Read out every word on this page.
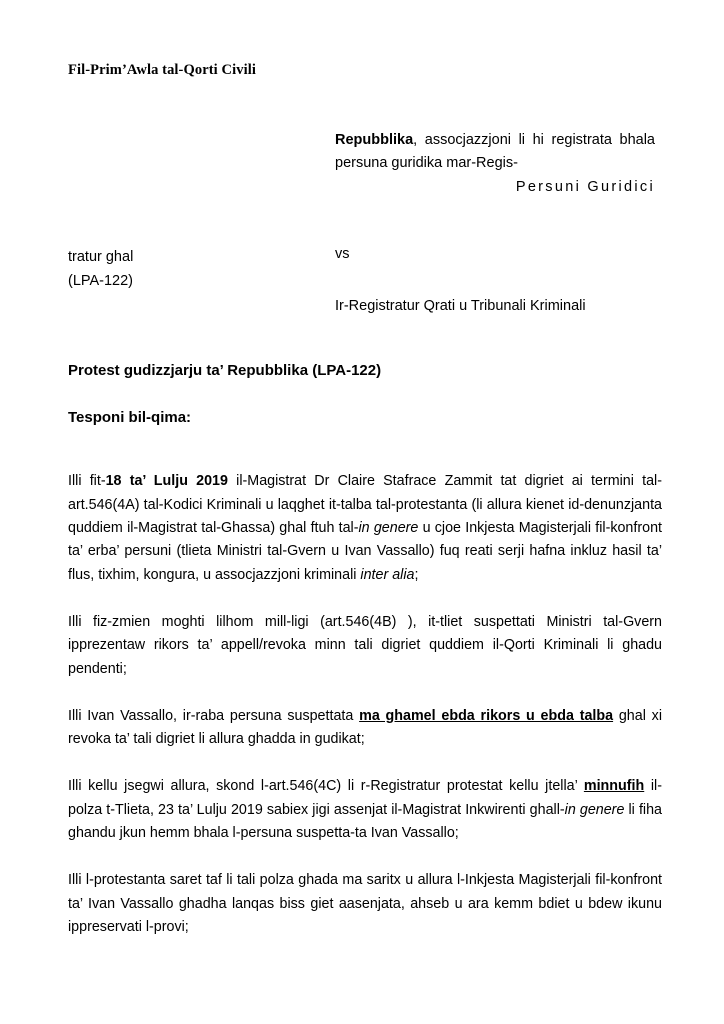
Fil-Prim’Awla tal-Qorti Civili
Repubblika, assocjazzjoni li hi registrata bhala persuna guridika mar-Regis-
Persuni Guridici
tratur ghal
(LPA-122)
vs
Ir-Registratur Qrati u Tribunali Kriminali
Protest gudizzjarju ta’ Repubblika (LPA-122)
Tesponi bil-qima:

Illi fit-18 ta’ Lulju 2019 il-Magistrat Dr Claire Stafrace Zammit tat digriet ai termini tal-art.546(4A) tal-Kodici Kriminali u laqghet it-talba tal-protestanta (li allura kienet id-denunzjanta quddiem il-Magistrat tal-Ghassa) ghal ftuh tal-in genere u cjoe Inkjesta Magisterjali fil-konfront ta’ erba’ persuni (tlieta Ministri tal-Gvern u Ivan Vassallo) fuq reati serji hafna inkluz hasil ta’ flus, tixhim, kongura, u assocjazzjoni kriminali inter alia;

Illi fiz-zmien moghti lilhom mill-ligi (art.546(4B) ), it-tliet suspettati Ministri tal-Gvern ipprezentaw rikors ta’ appell/revoka minn tali digriet quddiem il-Qorti Kriminali li ghadu pendenti;

Illi Ivan Vassallo, ir-raba persuna suspettata ma ghamel ebda rikors u ebda talba ghal xi revoka ta’ tali digriet li allura ghadda in gudikat;

Illi kellu jsegwi allura, skond l-art.546(4C) li r-Registratur protestat kellu jtella’ minnufih il-polza t-Tlieta, 23 ta’ Lulju 2019 sabiex jigi assenjat il-Magistrat Inkwirenti ghall-in genere li fiha ghandu jkun hemm bhala l-persuna suspetta-ta Ivan Vassallo;

Illi l-protestanta saret taf li tali polza ghada ma saritx u allura l-Inkjesta Magisterjali fil-konfront ta’ Ivan Vassallo ghadha lanqas biss giet aasenjata, ahseb u ara kemm bdiet u bdew ikunu ippreservati l-provi;
